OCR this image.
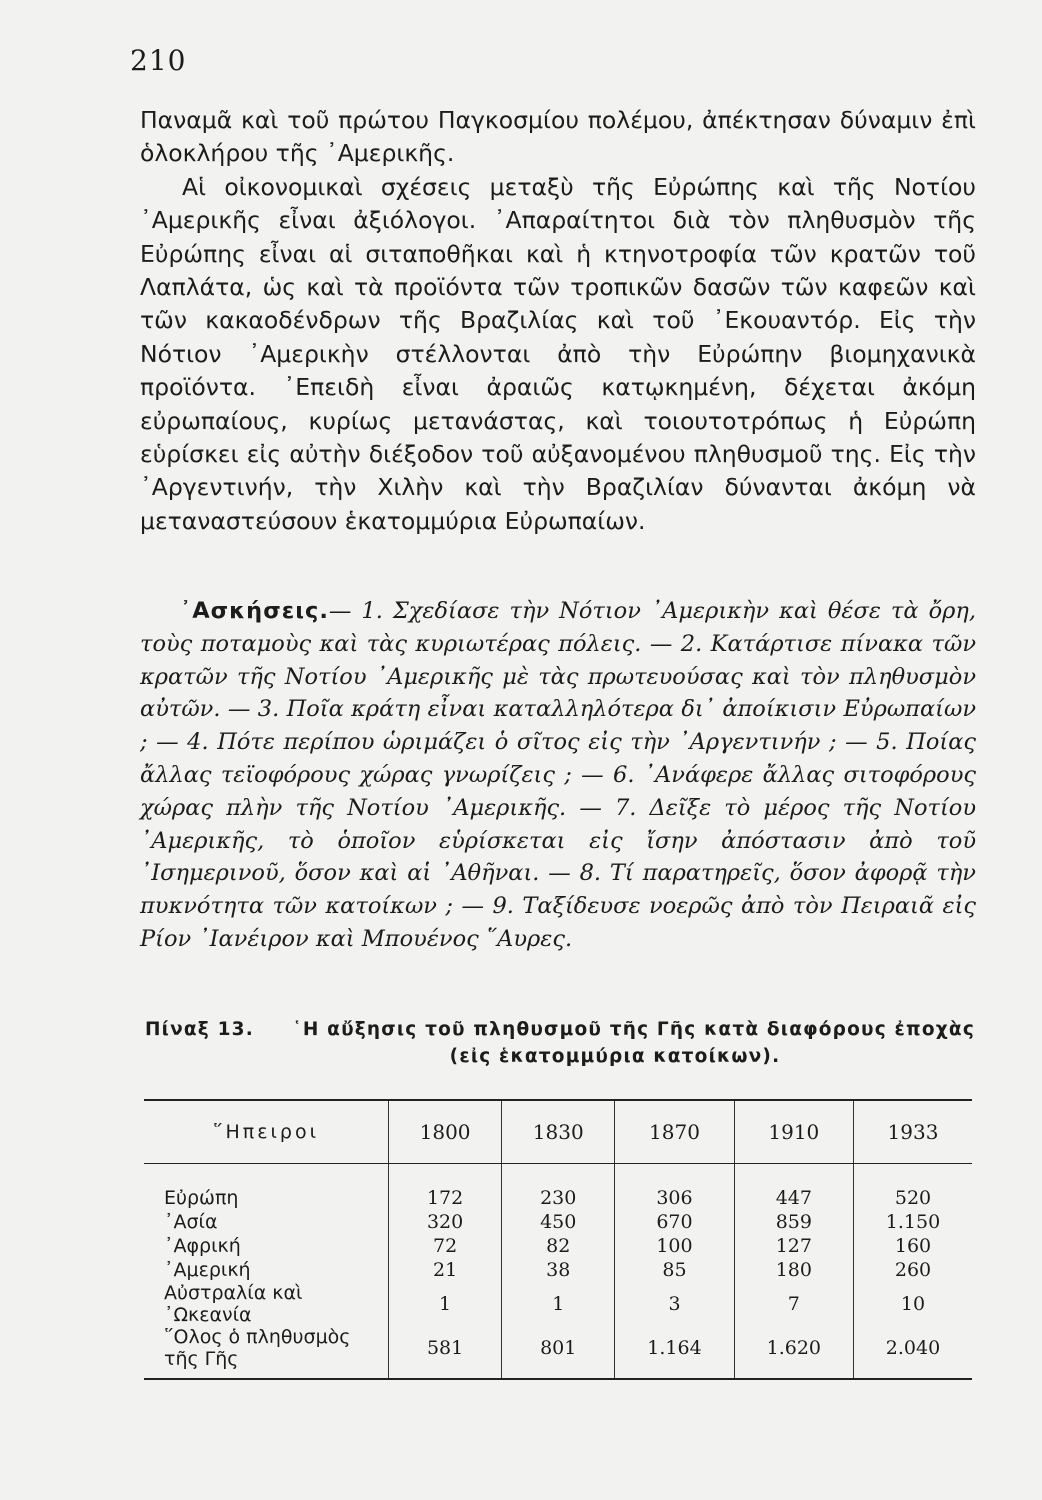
210

Παναμᾶ καὶ τοῦ πρώτου Παγκοσμίου πολέμου, ἀπέκτησαν δύναμιν ἐπὶ ὁλοκλήρου τῆς ᾿Αμερικῆς.

Αἱ οἰκονομικαὶ σχέσεις μεταξὺ τῆς Εὐρώπης καὶ τῆς Νοτίου ᾿Αμερικῆς εἶναι ἀξιόλογοι. ᾿Απαραίτητοι διὰ τὸν πληθυσμὸν τῆς Εὐρώπης εἶναι αἱ σιταποθῆκαι καὶ ἡ κτηνοτροφία τῶν κρατῶν τοῦ Λαπλάτα, ὡς καὶ τὰ προϊόντα τῶν τροπικῶν δασῶν τῶν καφεῶν καὶ τῶν κακαοδένδρων τῆς Βραζιλίας καὶ τοῦ ᾿Εκουαντόρ. Εἰς τὴν Νότιον ᾿Αμερικὴν στέλλονται ἀπὸ τὴν Εὐρώπην βιομηχανικὰ προϊόντα. ᾿Επειδὴ εἶναι ἀραιῶς κατῳκημένη, δέχεται ἀκόμη εὐρωπαίους, κυρίως μετανάστας, καὶ τοιουτοτρόπως ἡ Εὐρώπη εὑρίσκει εἰς αὐτὴν διέξοδον τοῦ αὐξανομένου πληθυσμοῦ της. Εἰς τὴν ᾿Αργεντινήν, τὴν Χιλὴν καὶ τὴν Βραζιλίαν δύνανται ἀκόμη νὰ μεταναστεύσουν ἑκατομμύρια Εὐρωπαίων.

᾿Ασκήσεις.— 1. Σχεδίασε τὴν Νότιον ᾿Αμερικὴν καὶ θέσε τὰ ὄρη, τοὺς ποταμοὺς καὶ τὰς κυριωτέρας πόλεις. — 2. Κατάρτισε πίνακα τῶν κρατῶν τῆς Νοτίου ᾿Αμερικῆς μὲ τὰς πρωτευούσας καὶ τὸν πληθυσμὸν αὐτῶν. — 3. Ποῖα κράτη εἶναι καταλληλότερα δι᾿ ἀποίκισιν Εὐρωπαίων ; — 4. Πότε περίπου ὡριμάζει ὁ σῖτος εἰς τὴν ᾿Αργεντινήν ; — 5. Ποίας ἄλλας τεϊοφόρους χώρας γνωρίζεις ; — 6. ᾿Ανάφερε ἄλλας σιτοφόρους χώρας πλὴν τῆς Νοτίου ᾿Αμερικῆς. — 7. Δεῖξε τὸ μέρος τῆς Νοτίου ᾿Αμερικῆς, τὸ ὁποῖον εὑρίσκεται εἰς ἴσην ἀπόστασιν ἀπὸ τοῦ ᾿Ισημερινοῦ, ὅσον καὶ αἱ ᾿Αθῆναι. — 8. Τί παρατηρεῖς, ὅσον ἀφορᾷ τὴν πυκνότητα τῶν κατοίκων ; — 9. Ταξίδευσε νοερῶς ἀπὸ τὸν Πειραιᾶ εἰς Ρίον ᾿Ιανέιρον καὶ Μπουένος ῞Αυρες.

Πίναξ 13. ῾Η αὔξησις τοῦ πληθυσμοῦ τῆς Γῆς κατὰ διαφόρους ἐποχὰς
(εἰς ἑκατομμύρια κατοίκων).
῞Ηπειροι	1800	1830	1870	1910	1933

Εὐρώπη	172	230	306	447	520
᾿Ασία	320	450	670	859	1.150
᾿Αφρική	72	82	100	127	160
᾿Αμερική	21	38	85	180	260
Αὐστραλία καὶ ᾿Ωκεανία	1	1	3	7	10
῞Ολος ὁ πληθυσμὸς τῆς Γῆς	581	801	1.164	1.620	2.040
